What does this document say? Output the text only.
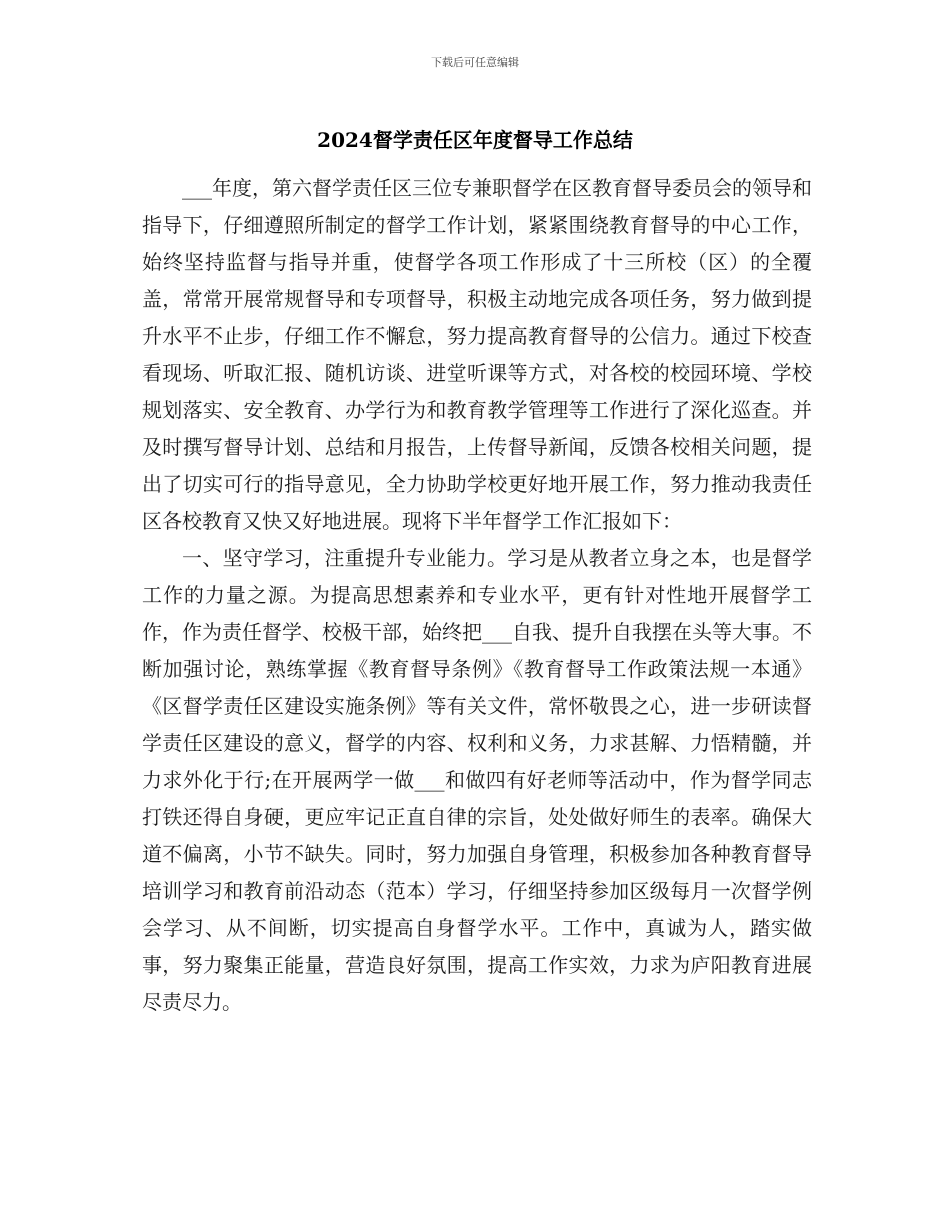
下载后可任意编辑
2024督学责任区年度督导工作总结

___年度，第六督学责任区三位专兼职督学在区教育督导委员会的领导和指导下，仔细遵照所制定的督学工作计划，紧紧围绕教育督导的中心工作，始终坚持监督与指导并重，使督学各项工作形成了十三所校（区）的全覆盖，常常开展常规督导和专项督导，积极主动地完成各项任务，努力做到提升水平不止步，仔细工作不懈怠，努力提高教育督导的公信力。通过下校查看现场、听取汇报、随机访谈、进堂听课等方式，对各校的校园环境、学校规划落实、安全教育、办学行为和教育教学管理等工作进行了深化巡查。并及时撰写督导计划、总结和月报告，上传督导新闻，反馈各校相关问题，提出了切实可行的指导意见，全力协助学校更好地开展工作，努力推动我责任区各校教育又快又好地进展。现将下半年督学工作汇报如下：

一、坚守学习，注重提升专业能力。学习是从教者立身之本，也是督学工作的力量之源。为提高思想素养和专业水平，更有针对性地开展督学工作，作为责任督学、校极干部，始终把___自我、提升自我摆在头等大事。不断加强讨论，熟练掌握《教育督导条例》《教育督导工作政策法规一本通》《区督学责任区建设实施条例》等有关文件，常怀敬畏之心，进一步研读督学责任区建设的意义，督学的内容、权利和义务，力求甚解、力悟精髓，并力求外化于行;在开展两学一做___和做四有好老师等活动中，作为督学同志打铁还得自身硬，更应牢记正直自律的宗旨，处处做好师生的表率。确保大道不偏离，小节不缺失。同时，努力加强自身管理，积极参加各种教育督导培训学习和教育前沿动态（范本）学习，仔细坚持参加区级每月一次督学例会学习、从不间断，切实提高自身督学水平。工作中，真诚为人，踏实做事，努力聚集正能量，营造良好氛围，提高工作实效，力求为庐阳教育进展尽责尽力。
